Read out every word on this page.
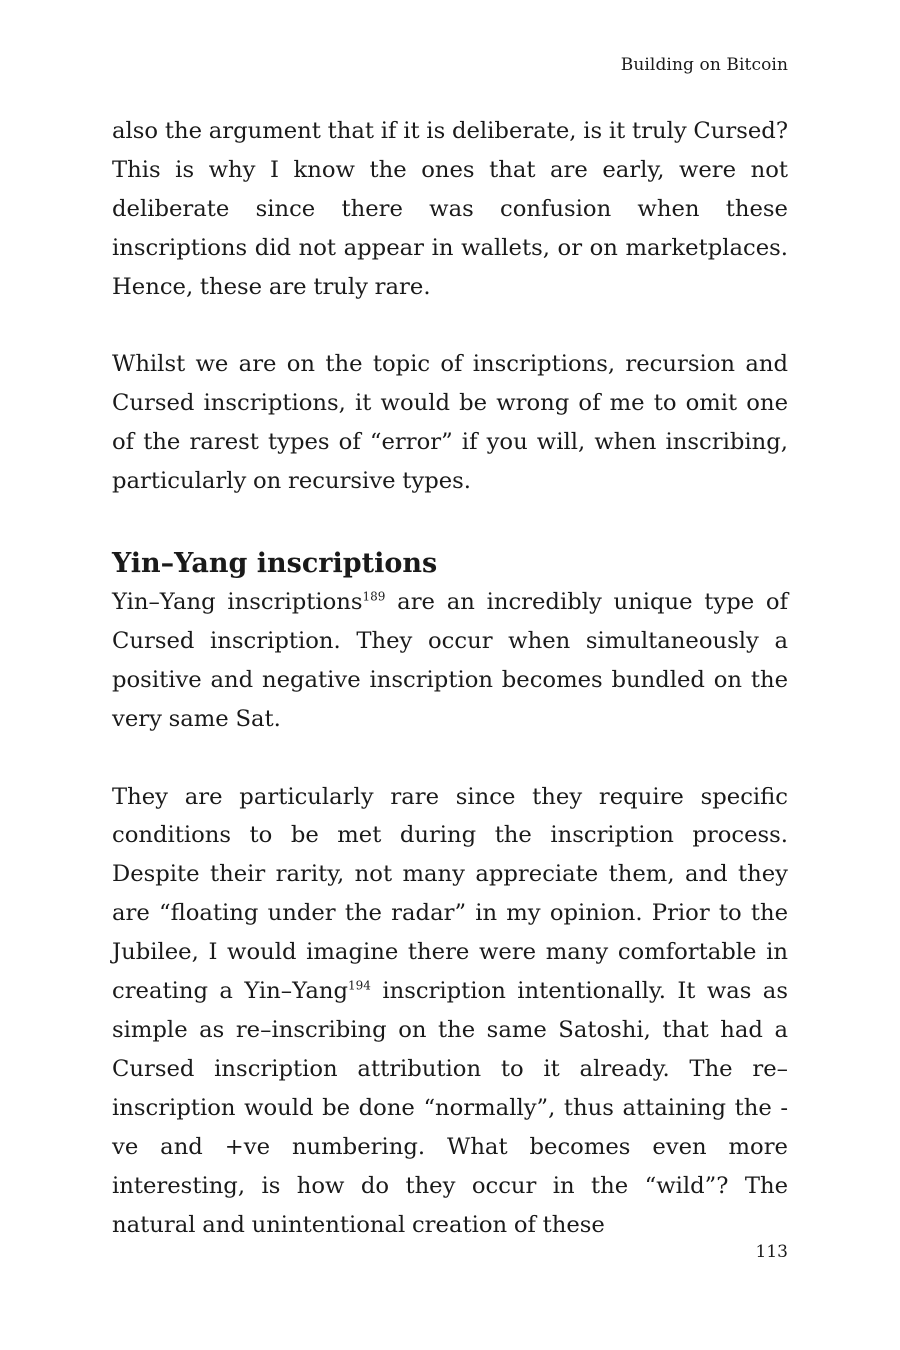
Building on Bitcoin

also the argument that if it is deliberate, is it truly Cursed? This is why I know the ones that are early, were not deliberate since there was confusion when these inscriptions did not appear in wallets, or on marketplaces. Hence, these are truly rare.

Whilst we are on the topic of inscriptions, recursion and Cursed inscriptions, it would be wrong of me to omit one of the rarest types of “error” if you will, when inscribing, particularly on recursive types.

Yin–Yang inscriptions

Yin–Yang inscriptions$^{189}$ are an incredibly unique type of Cursed inscription. They occur when simultaneously a positive and negative inscription becomes bundled on the very same Sat.

They are particularly rare since they require specific conditions to be met during the inscription process. Despite their rarity, not many appreciate them, and they are “floating under the radar” in my opinion. Prior to the Jubilee, I would imagine there were many comfortable in creating a Yin–Yang$^{194}$ inscription intentionally. It was as simple as re–inscribing on the same Satoshi, that had a Cursed inscription attribution to it already. The re–inscription would be done “normally”, thus attaining the -ve and +ve numbering. What becomes even more interesting, is how do they occur in the “wild”? The natural and unintentional creation of these

113
